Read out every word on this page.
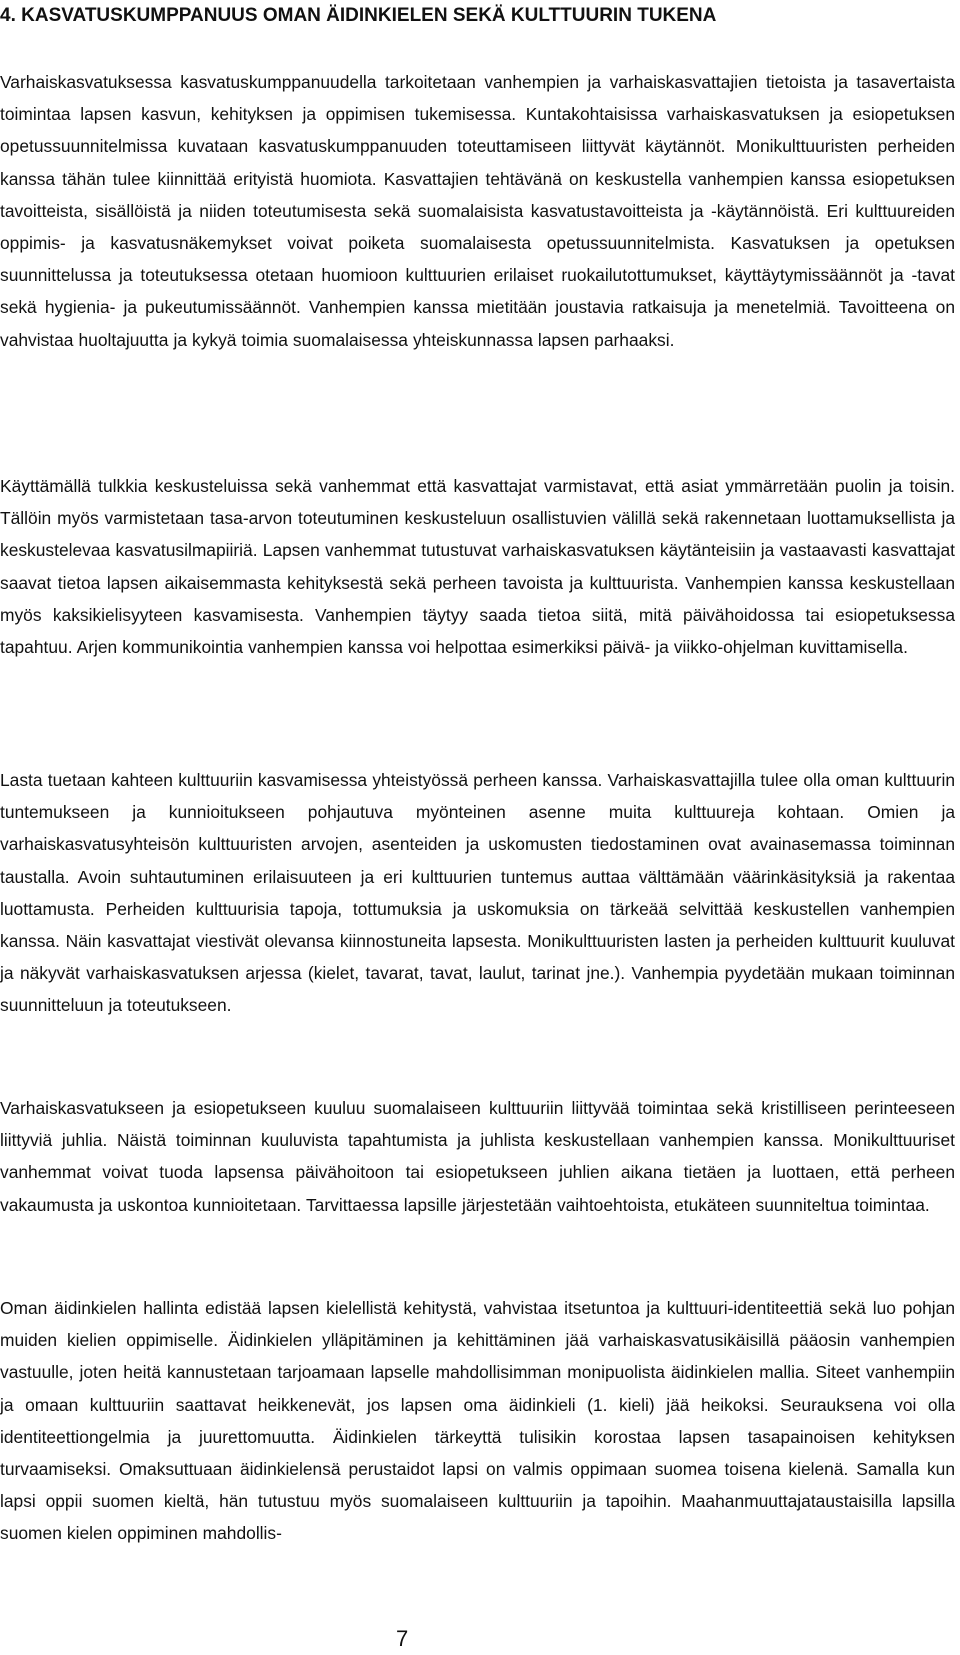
4. KASVATUSKUMPPANUUS OMAN ÄIDINKIELEN SEKÄ KULTTUURIN TUKENA

Varhaiskasvatuksessa kasvatuskumppanuudella tarkoitetaan vanhempien ja varhaiskasvattajien tietoista ja tasavertaista toimintaa lapsen kasvun, kehityksen ja oppimisen tukemisessa. Kuntakohtaisissa varhaiskasvatuksen ja esiopetuksen opetussuunnitelmissa kuvataan kasvatuskumppanuuden toteuttamiseen liittyvät käytännöt. Monikulttuuristen perheiden kanssa tähän tulee kiinnittää erityistä huomiota. Kasvattajien tehtävänä on keskustella vanhempien kanssa esiopetuksen tavoitteista, sisällöistä ja niiden toteutumisesta sekä suomalaisista kasvatustavoitteista ja -käytännöistä. Eri kulttuureiden oppimis- ja kasvatusnäkemykset voivat poiketa suomalaisesta opetussuunnitelmista. Kasvatuksen ja opetuksen suunnittelussa ja toteutuksessa otetaan huomioon kulttuurien erilaiset ruokailutottumukset, käyttäytymissäännöt ja -tavat sekä hygienia- ja pukeutumissäännöt. Vanhempien kanssa mietitään joustavia ratkaisuja ja menetelmiä. Tavoitteena on vahvistaa huoltajuutta ja kykyä toimia suomalaisessa yhteiskunnassa lapsen parhaaksi.

Käyttämällä tulkkia keskusteluissa sekä vanhemmat että kasvattajat varmistavat, että asiat ymmärretään puolin ja toisin. Tällöin myös varmistetaan tasa-arvon toteutuminen keskusteluun osallistuvien välillä sekä rakennetaan luottamuksellista ja keskustelevaa kasvatusilmapiiriä. Lapsen vanhemmat tutustuvat varhaiskasvatuksen käytänteisiin ja vastaavasti kasvattajat saavat tietoa lapsen aikaisemmasta kehityksestä sekä perheen tavoista ja kulttuurista. Vanhempien kanssa keskustellaan myös kaksikielisyyteen kasvamisesta. Vanhempien täytyy saada tietoa siitä, mitä päivähoidossa tai esiopetuksessa tapahtuu. Arjen kommunikointia vanhempien kanssa voi helpottaa esimerkiksi päivä- ja viikko-ohjelman kuvittamisella.

Lasta tuetaan kahteen kulttuuriin kasvamisessa yhteistyössä perheen kanssa. Varhaiskasvattajilla tulee olla oman kulttuurin tuntemukseen ja kunnioitukseen pohjautuva myönteinen asenne muita kulttuureja kohtaan. Omien ja varhaiskasvatusyhteisön kulttuuristen arvojen, asenteiden ja uskomusten tiedostaminen ovat avainasemassa toiminnan taustalla. Avoin suhtautuminen erilaisuuteen ja eri kulttuurien tuntemus auttaa välttämään väärinkäsityksiä ja rakentaa luottamusta. Perheiden kulttuurisia tapoja, tottumuksia ja uskomuksia on tärkeää selvittää keskustellen vanhempien kanssa. Näin kasvattajat viestivät olevansa kiinnostuneita lapsesta. Monikulttuuristen lasten ja perheiden kulttuurit kuuluvat ja näkyvät varhaiskasvatuksen arjessa (kielet, tavarat, tavat, laulut, tarinat jne.). Vanhempia pyydetään mukaan toiminnan suunnitteluun ja toteutukseen.

Varhaiskasvatukseen ja esiopetukseen kuuluu suomalaiseen kulttuuriin liittyvää toimintaa sekä kristilliseen perinteeseen liittyviä juhlia. Näistä toiminnan kuuluvista tapahtumista ja juhlista keskustellaan vanhempien kanssa. Monikulttuuriset vanhemmat voivat tuoda lapsensa päivähoitoon tai esiopetukseen juhlien aikana tietäen ja luottaen, että perheen vakaumusta ja uskontoa kunnioitetaan. Tarvittaessa lapsille järjestetään vaihtoehtoista, etukäteen suunniteltua toimintaa.

Oman äidinkielen hallinta edistää lapsen kielellistä kehitystä, vahvistaa itsetuntoa ja kulttuuri-identiteettiä sekä luo pohjan muiden kielien oppimiselle. Äidinkielen ylläpitäminen ja kehittäminen jää varhaiskasvatusikäisillä pääosin vanhempien vastuulle, joten heitä kannustetaan tarjoamaan lapselle mahdollisimman monipuolista äidinkielen mallia. Siteet vanhempiin ja omaan kulttuuriin saattavat heikkenevät, jos lapsen oma äidinkieli (1. kieli) jää heikoksi. Seurauksena voi olla identiteettiongelmia ja juurettomuutta. Äidinkielen tärkeyttä tulisikin korostaa lapsen tasapainoisen kehityksen turvaamiseksi. Omaksuttuaan äidinkielensä perustaidot lapsi on valmis oppimaan suomea toisena kielenä. Samalla kun lapsi oppii suomen kieltä, hän tutustuu myös suomalaiseen kulttuuriin ja tapoihin. Maahanmuuttajataustaisilla lapsilla suomen kielen oppiminen mahdollis-

7
